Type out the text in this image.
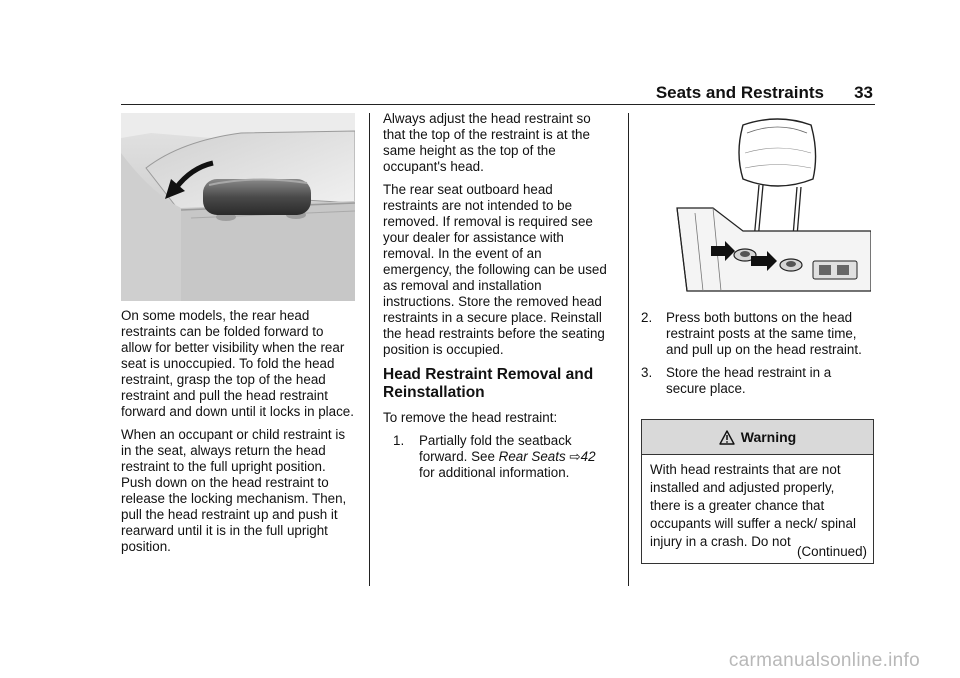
Seats and Restraints 33

On some models, the rear head restraints can be folded forward to allow for better visibility when the rear seat is unoccupied. To fold the head restraint, grasp the top of the head restraint and pull the head restraint forward and down until it locks in place.

When an occupant or child restraint is in the seat, always return the head restraint to the full upright position. Push down on the head restraint to release the locking mechanism. Then, pull the head restraint up and push it rearward until it is in the full upright position.

Always adjust the head restraint so that the top of the restraint is at the same height as the top of the occupant's head.

The rear seat outboard head restraints are not intended to be removed. If removal is required see your dealer for assistance with removal. In the event of an emergency, the following can be used as removal and installation instructions. Store the removed head restraints in a secure place. Reinstall the head restraints before the seating position is occupied.

Head Restraint Removal and Reinstallation

To remove the head restraint:

1.	Partially fold the seatback forward. See Rear Seats ⇨42 for additional information.
2.	Press both buttons on the head restraint posts at the same time, and pull up on the head restraint.
3.	Store the head restraint in a secure place.
Warning
With head restraints that are not installed and adjusted properly, there is a greater chance that occupants will suffer a neck/ spinal injury in a crash. Do not
(Continued)
carmanualsonline.info
